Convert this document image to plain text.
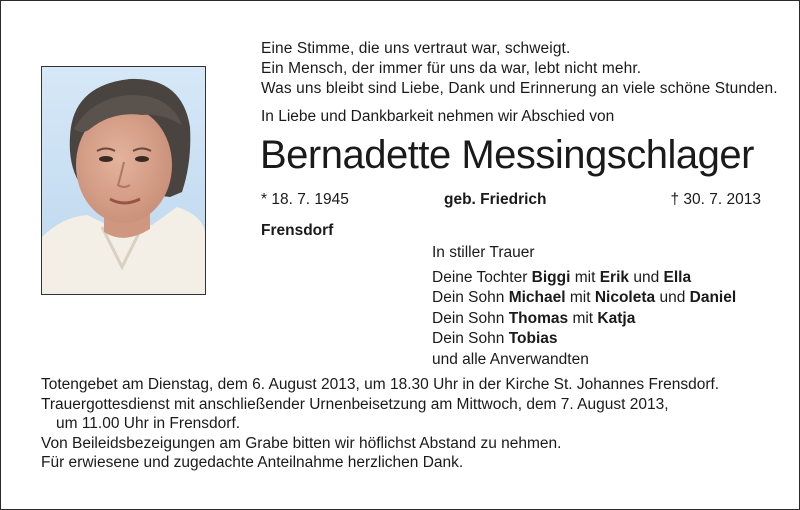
Eine Stimme, die uns vertraut war, schweigt.
Ein Mensch, der immer für uns da war, lebt nicht mehr.
Was uns bleibt sind Liebe, Dank und Erinnerung an viele schöne Stunden.
In Liebe und Dankbarkeit nehmen wir Abschied von
Bernadette Messingschlager
* 18. 7. 1945	geb. Friedrich	† 30. 7. 2013
Frensdorf
In stiller Trauer
Deine Tochter Biggi mit Erik und Ella
Dein Sohn Michael mit Nicoleta und Daniel
Dein Sohn Thomas mit Katja
Dein Sohn Tobias
und alle Anverwandten
Totengebet am Dienstag, dem 6. August 2013, um 18.30 Uhr in der Kirche St. Johannes Frensdorf.
Trauergottesdienst mit anschließender Urnenbeisetzung am Mittwoch, dem 7. August 2013,
um 11.00 Uhr in Frensdorf.
Von Beileidsbezeigungen am Grabe bitten wir höflichst Abstand zu nehmen.
Für erwiesene und zugedachte Anteilnahme herzlichen Dank.
